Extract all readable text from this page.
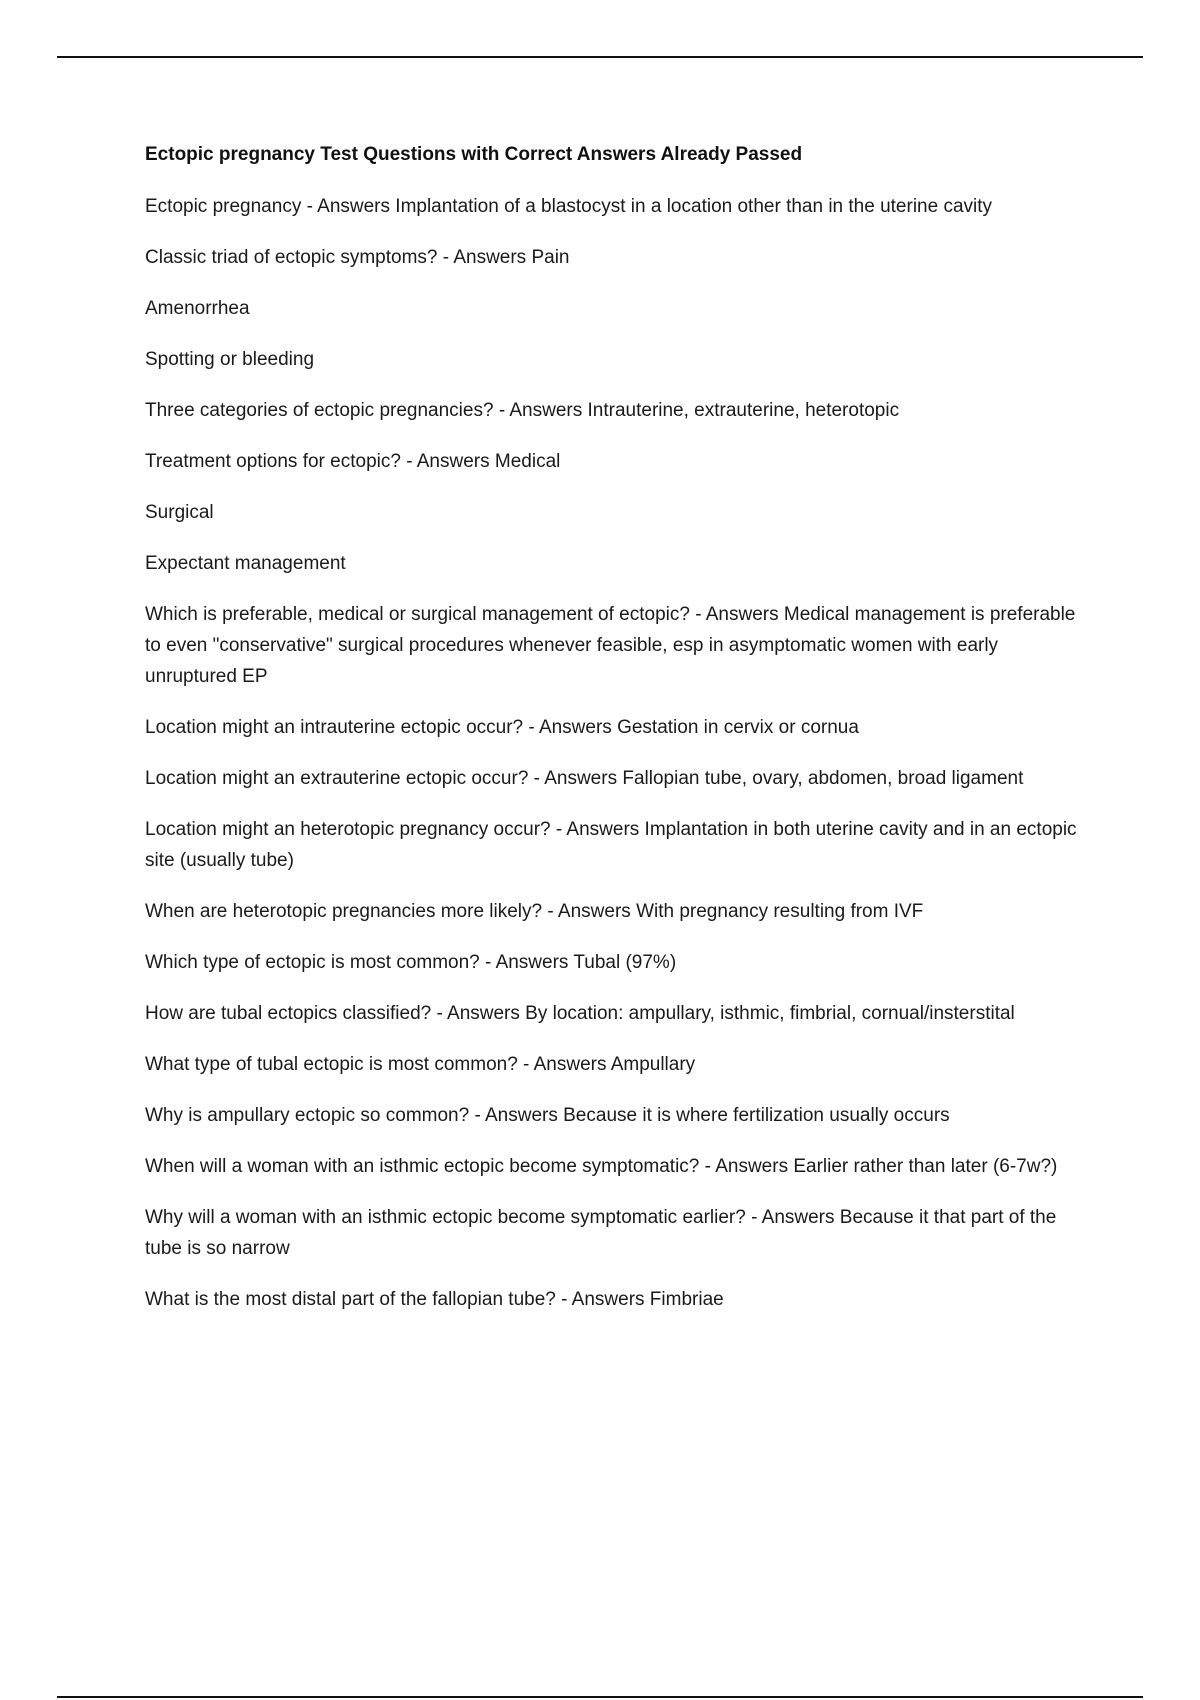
Ectopic pregnancy Test Questions with Correct Answers Already Passed

Ectopic pregnancy - Answers Implantation of a blastocyst in a location other than in the uterine cavity

Classic triad of ectopic symptoms? - Answers Pain

Amenorrhea

Spotting or bleeding

Three categories of ectopic pregnancies? - Answers Intrauterine, extrauterine, heterotopic

Treatment options for ectopic? - Answers Medical

Surgical

Expectant management

Which is preferable, medical or surgical management of ectopic? - Answers Medical management is preferable to even "conservative" surgical procedures whenever feasible, esp in asymptomatic women with early unruptured EP

Location might an intrauterine ectopic occur? - Answers Gestation in cervix or cornua

Location might an extrauterine ectopic occur? - Answers Fallopian tube, ovary, abdomen, broad ligament

Location might an heterotopic pregnancy occur? - Answers Implantation in both uterine cavity and in an ectopic site (usually tube)

When are heterotopic pregnancies more likely? - Answers With pregnancy resulting from IVF

Which type of ectopic is most common? - Answers Tubal (97%)

How are tubal ectopics classified? - Answers By location: ampullary, isthmic, fimbrial, cornual/insterstital

What type of tubal ectopic is most common? - Answers Ampullary

Why is ampullary ectopic so common? - Answers Because it is where fertilization usually occurs

When will a woman with an isthmic ectopic become symptomatic? - Answers Earlier rather than later (6-7w?)

Why will a woman with an isthmic ectopic become symptomatic earlier? - Answers Because it that part of the tube is so narrow

What is the most distal part of the fallopian tube? - Answers Fimbriae
